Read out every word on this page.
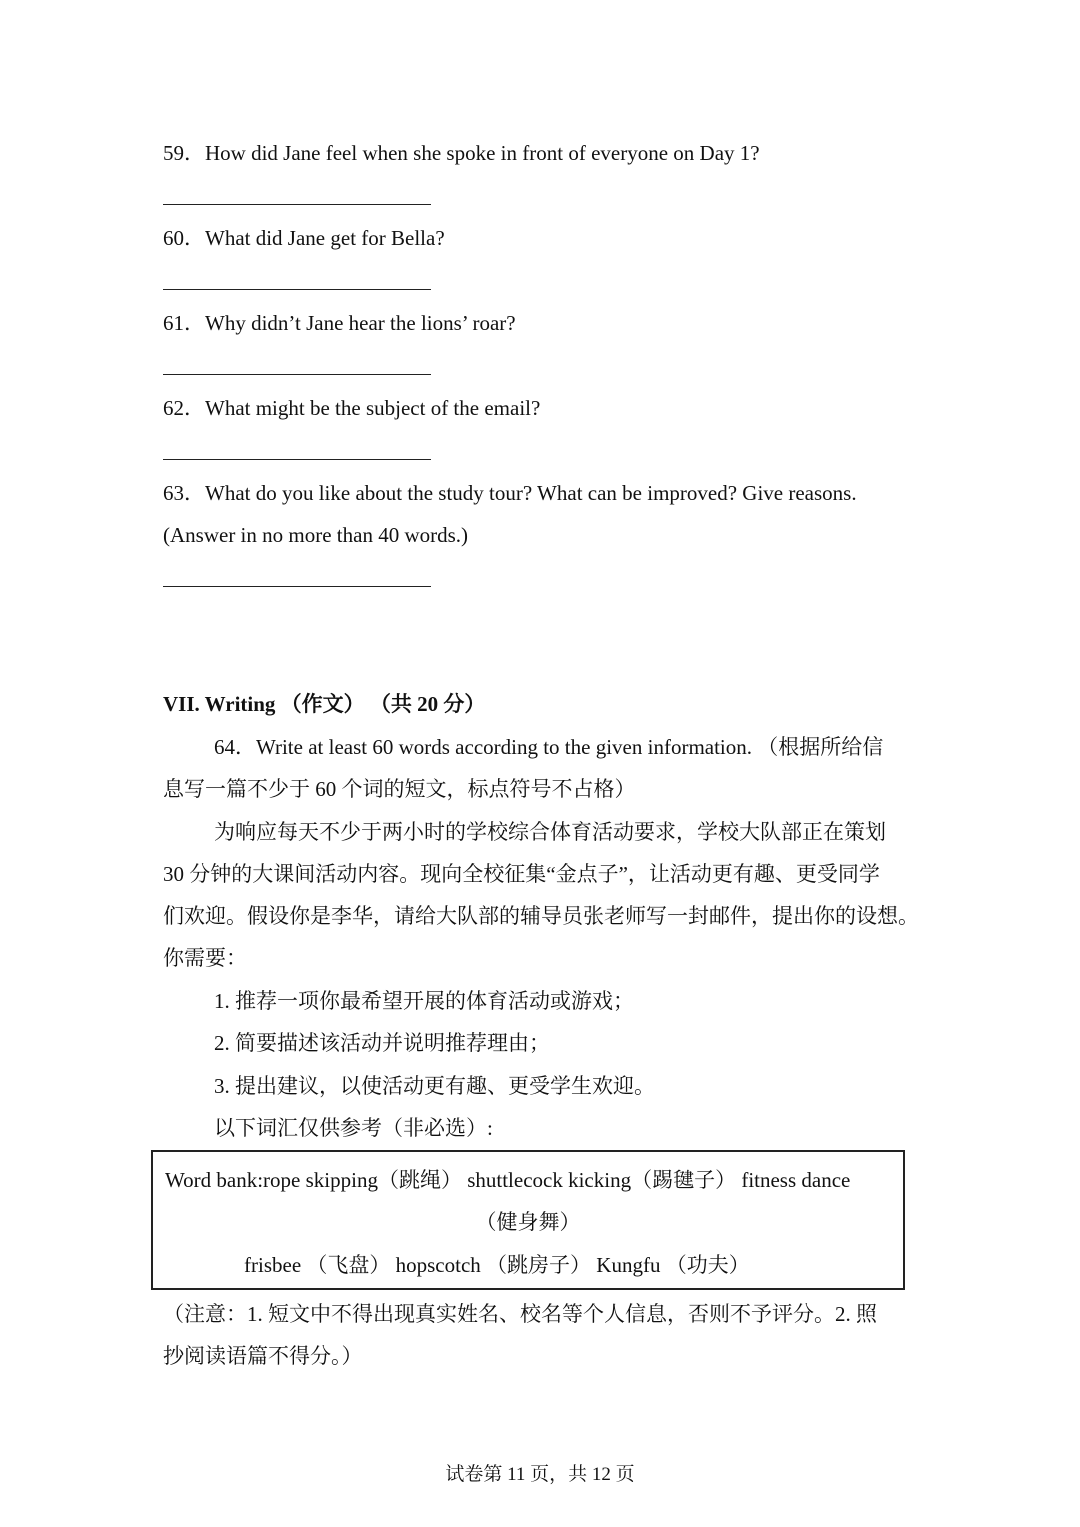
59．How did Jane feel when she spoke in front of everyone on Day 1?
60．What did Jane get for Bella?
61．Why didn’t Jane hear the lions’ roar?
62．What might be the subject of the email?
63．What do you like about the study tour? What can be improved? Give reasons.
(Answer in no more than 40 words.)
VII. Writing （作文） （共 20 分）
64．Write at least 60 words according to the given information. （根据所给信
息写一篇不少于 60 个词的短文，标点符号不占格）
为响应每天不少于两小时的学校综合体育活动要求，学校大队部正在策划
30 分钟的大课间活动内容。现向全校征集“金点子”，让活动更有趣、更受同学
们欢迎。假设你是李华，请给大队部的辅导员张老师写一封邮件，提出你的设想。
你需要：
1. 推荐一项你最希望开展的体育活动或游戏；
2. 简要描述该活动并说明推荐理由；
3. 提出建议，以使活动更有趣、更受学生欢迎。
以下词汇仅供参考（非必选）:
Word bank:rope skipping（跳绳） shuttlecock kicking（踢毽子） fitness dance
（健身舞）
frisbee （飞盘） hopscotch （跳房子） Kungfu （功夫）
（注意：1. 短文中不得出现真实姓名、校名等个人信息，否则不予评分。2. 照
抄阅读语篇不得分。）
试卷第 11 页，共 12 页
